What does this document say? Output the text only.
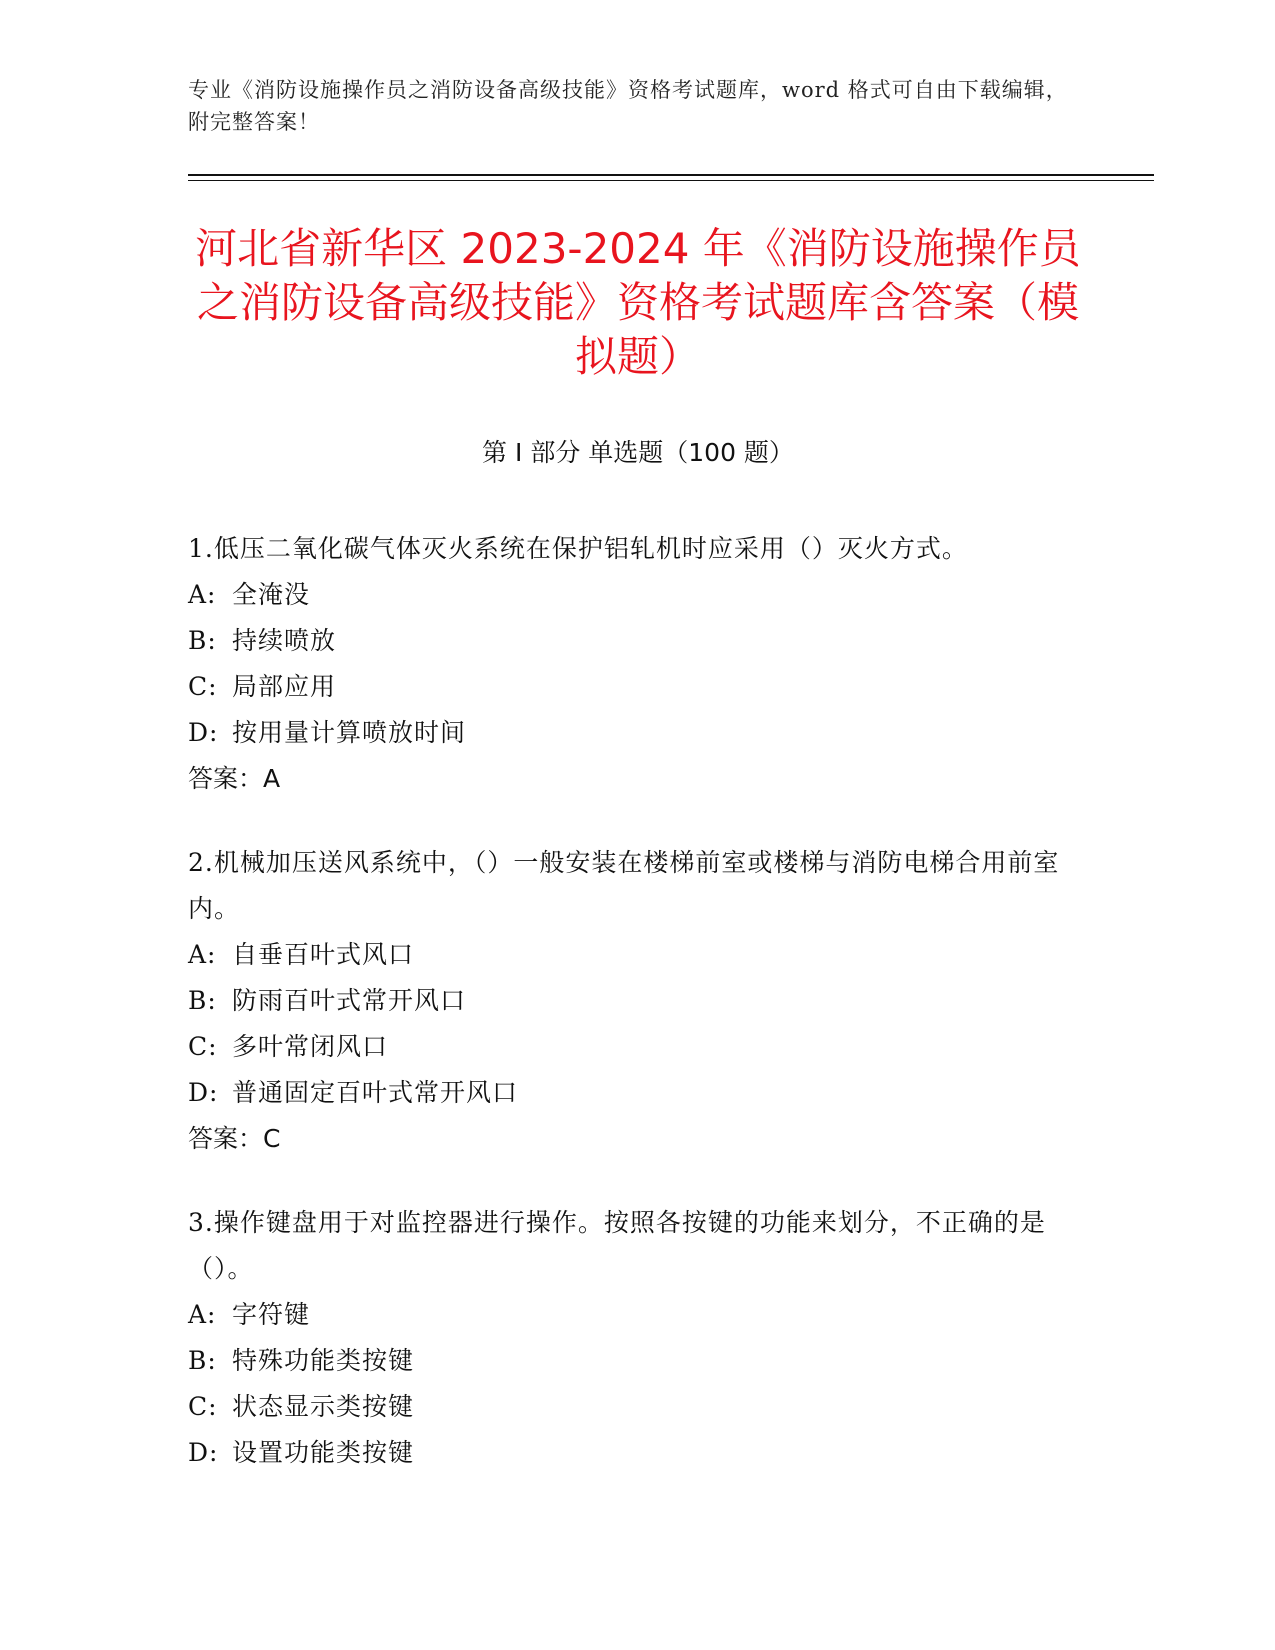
专业《消防设施操作员之消防设备高级技能》资格考试题库，word 格式可自由下载编辑，附完整答案！
河北省新华区 2023-2024 年《消防设施操作员之消防设备高级技能》资格考试题库含答案（模拟题）
第 I 部分 单选题（100 题）

1.低压二氧化碳气体灭火系统在保护铝轧机时应采用（）灭火方式。

A: 全淹没

B: 持续喷放

C: 局部应用

D: 按用量计算喷放时间

答案：A

2.机械加压送风系统中，（）一般安装在楼梯前室或楼梯与消防电梯合用前室内。

A: 自垂百叶式风口

B: 防雨百叶式常开风口

C: 多叶常闭风口

D: 普通固定百叶式常开风口

答案：C

3.操作键盘用于对监控器进行操作。按照各按键的功能来划分，不正确的是（）。

A: 字符键

B: 特殊功能类按键

C: 状态显示类按键

D: 设置功能类按键
